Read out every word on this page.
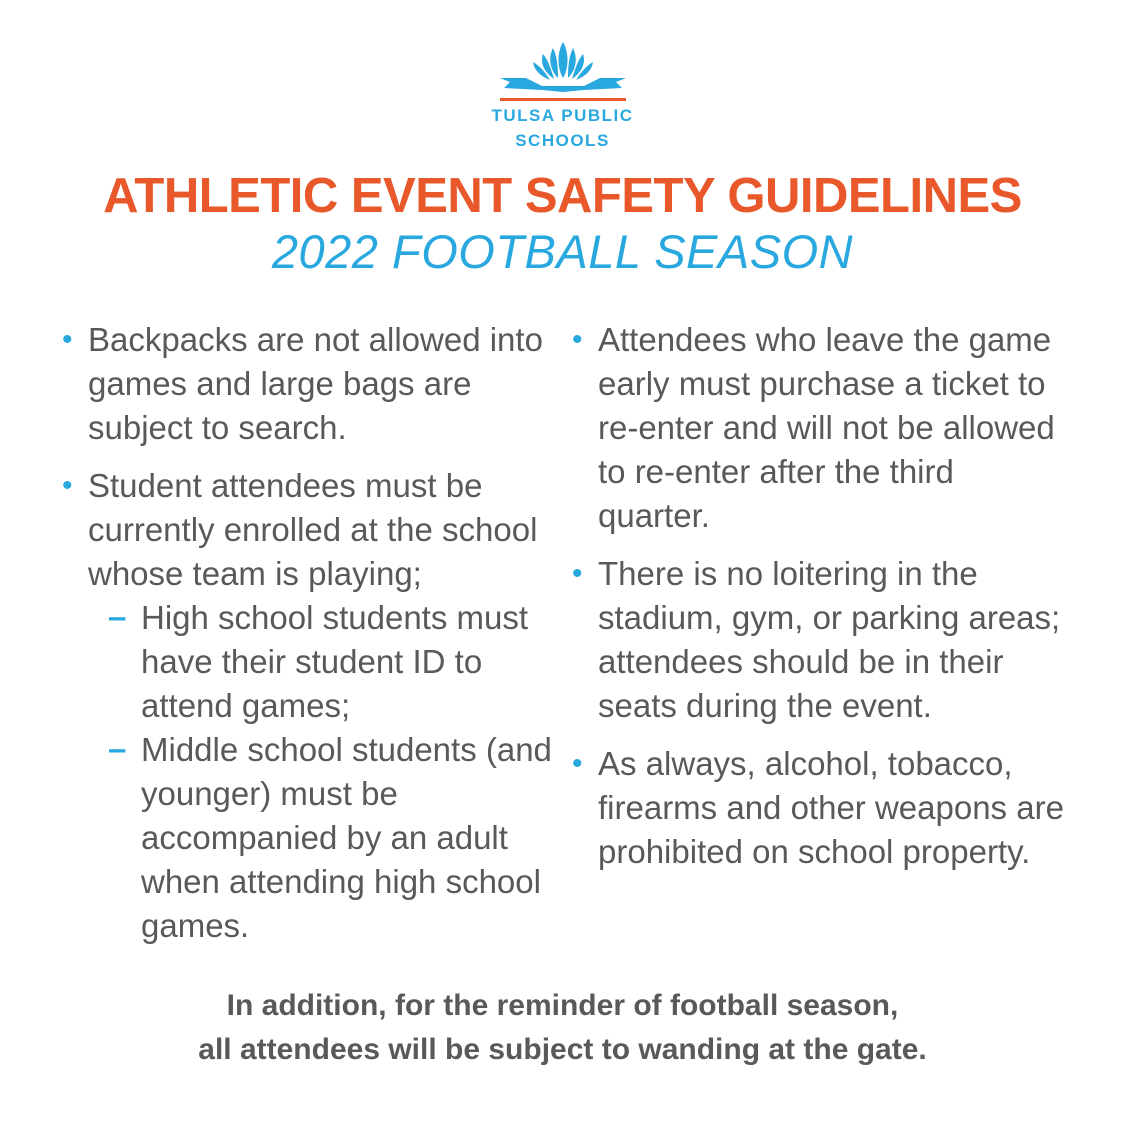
TULSA PUBLIC
SCHOOLS
ATHLETIC EVENT SAFETY GUIDELINES
2022 FOOTBALL SEASON
• Backpacks are not allowed into games and large bags are subject to search.
• Student attendees must be currently enrolled at the school whose team is playing;
– High school students must have their student ID to attend games;
– Middle school students (and younger) must be accompanied by an adult when attending high school games.
• Attendees who leave the game early must purchase a ticket to re-enter and will not be allowed to re-enter after the third quarter.
• There is no loitering in the stadium, gym, or parking areas; attendees should be in their seats during the event.
• As always, alcohol, tobacco, firearms and other weapons are prohibited on school property.
In addition, for the reminder of football season,
all attendees will be subject to wanding at the gate.
